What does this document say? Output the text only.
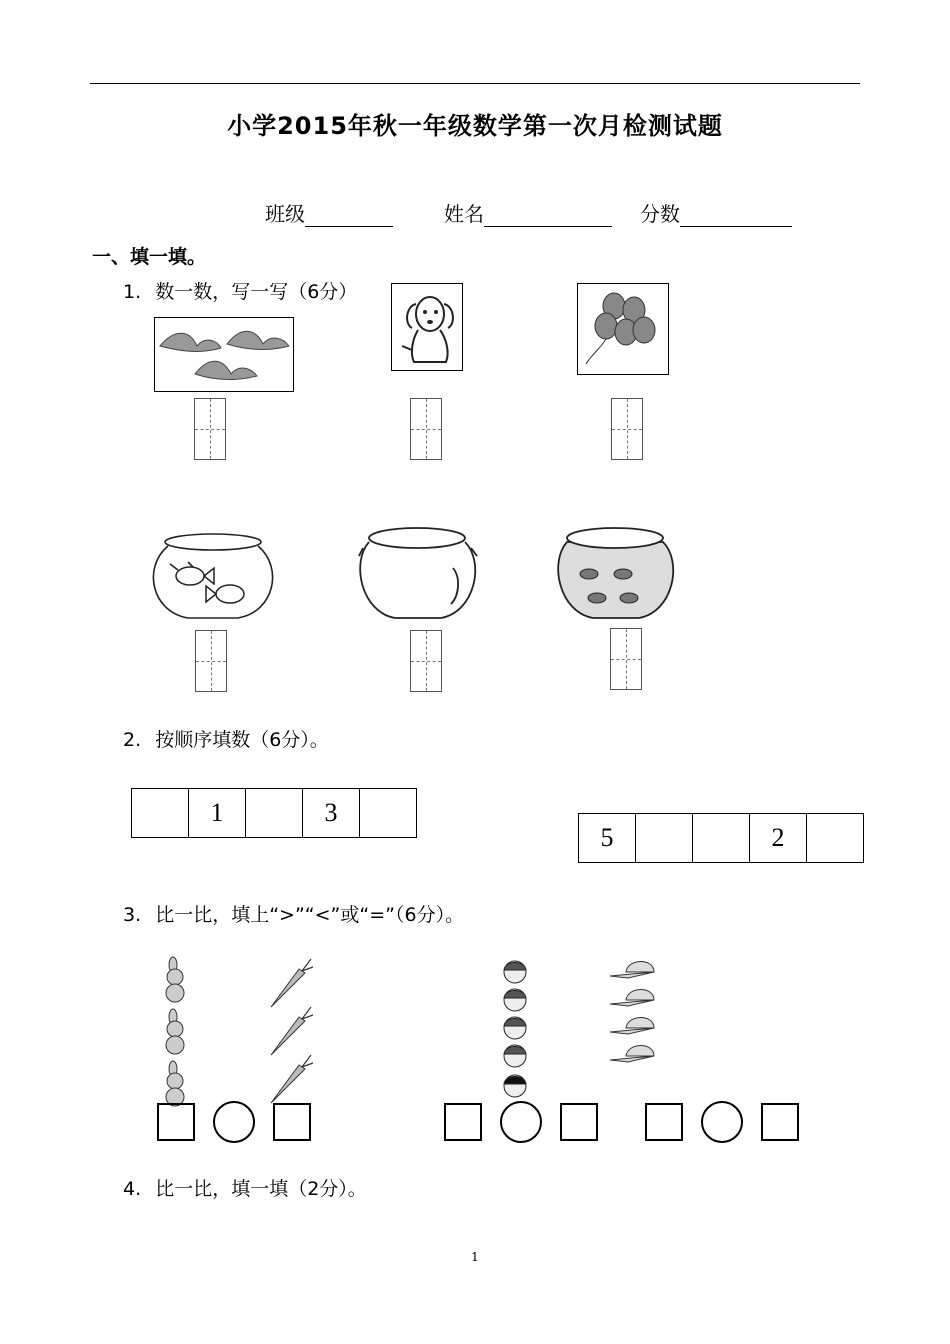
小学2015年秋一年级数学第一次月检测试题
班级	姓名	分数
一、填一填。
1. 数一数，写一写（6分）
2. 按顺序填数（6分）。
	1		3	
5			2	
3. 比一比，填上“>”“<”或“=”（6分）。
4. 比一比，填一填（2分）。
1
